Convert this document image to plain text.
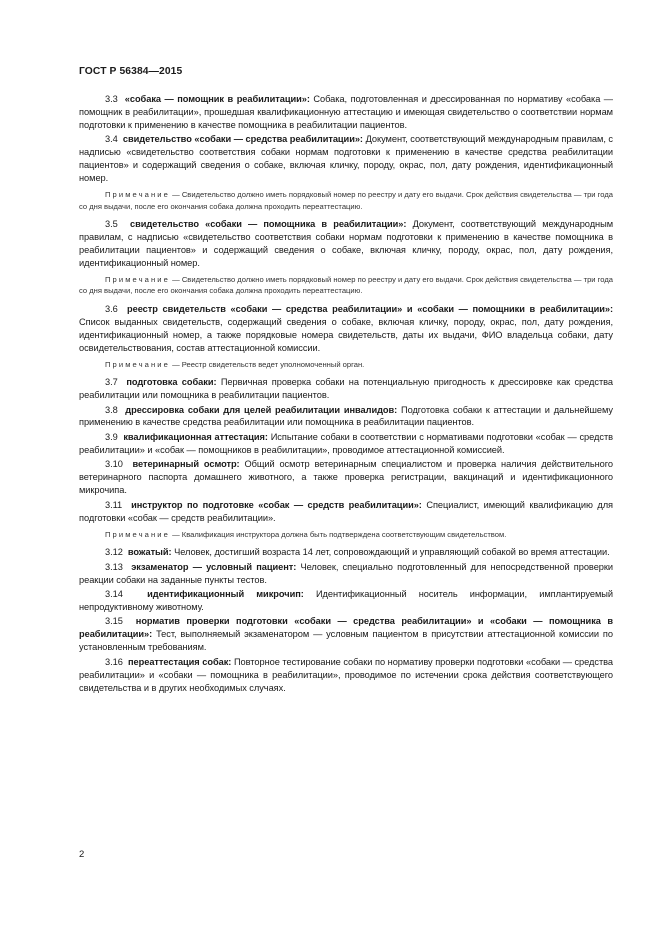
ГОСТ Р 56384—2015
3.3 «собака — помощник в реабилитации»: Собака, подготовленная и дрессированная по нормативу «собака — помощник в реабилитации», прошедшая квалификационную аттестацию и имеющая свидетельство о соответствии нормам подготовки к применению в качестве помощника в реабилитации пациентов.
3.4 свидетельство «собаки — средства реабилитации»: Документ, соответствующий международным правилам, с надписью «свидетельство соответствия собаки нормам подготовки к применению в качестве средства реабилитации пациентов» и содержащий сведения о собаке, включая кличку, породу, окрас, пол, дату рождения, идентификационный номер.
Примечание — Свидетельство должно иметь порядковый номер по реестру и дату его выдачи. Срок действия свидетельства — три года со дня выдачи, после его окончания собака должна проходить переаттестацию.
3.5 свидетельство «собаки — помощника в реабилитации»: Документ, соответствующий международным правилам, с надписью «свидетельство соответствия собаки нормам подготовки к применению в качестве помощника в реабилитации пациентов» и содержащий сведения о собаке, включая кличку, породу, окрас, пол, дату рождения, идентификационный номер.
Примечание — Свидетельство должно иметь порядковый номер по реестру и дату его выдачи. Срок действия свидетельства — три года со дня выдачи, после его окончания собака должна проходить переаттестацию.
3.6 реестр свидетельств «собаки — средства реабилитации» и «собаки — помощники в реабилитации»: Список выданных свидетельств, содержащий сведения о собаке, включая кличку, породу, окрас, пол, дату рождения, идентификационный номер, а также порядковые номера свидетельств, даты их выдачи, ФИО владельца собаки, дату освидетельствования, состав аттестационной комиссии.
Примечание — Реестр свидетельств ведет уполномоченный орган.
3.7 подготовка собаки: Первичная проверка собаки на потенциальную пригодность к дрессировке как средства реабилитации или помощника в реабилитации пациентов.
3.8 дрессировка собаки для целей реабилитации инвалидов: Подготовка собаки к аттестации и дальнейшему применению в качестве средства реабилитации или помощника в реабилитации пациентов.
3.9 квалификационная аттестация: Испытание собаки в соответствии с нормативами подготовки «собак — средств реабилитации» и «собак — помощников в реабилитации», проводимое аттестационной комиссией.
3.10 ветеринарный осмотр: Общий осмотр ветеринарным специалистом и проверка наличия действительного ветеринарного паспорта домашнего животного, а также проверка регистрации, вакцинаций и идентификационного микрочипа.
3.11 инструктор по подготовке «собак — средств реабилитации»: Специалист, имеющий квалификацию для подготовки «собак — средств реабилитации».
Примечание — Квалификация инструктора должна быть подтверждена соответствующим свидетельством.
3.12 вожатый: Человек, достигший возраста 14 лет, сопровождающий и управляющий собакой во время аттестации.
3.13 экзаменатор — условный пациент: Человек, специально подготовленный для непосредственной проверки реакции собаки на заданные пункты тестов.
3.14	идентификационный микрочип: Идентификационный носитель информации, имплантируемый непродуктивному животному.
3.15 норматив проверки подготовки «собаки — средства реабилитации» и «собаки — помощника в реабилитации»: Тест, выполняемый экзаменатором — условным пациентом в присутствии аттестационной комиссии по установленным требованиям.
3.16 переаттестация собак: Повторное тестирование собаки по нормативу проверки подготовки «собаки — средства реабилитации» и «собаки — помощника в реабилитации», проводимое по истечении срока действия соответствующего свидетельства и в других необходимых случаях.
2
